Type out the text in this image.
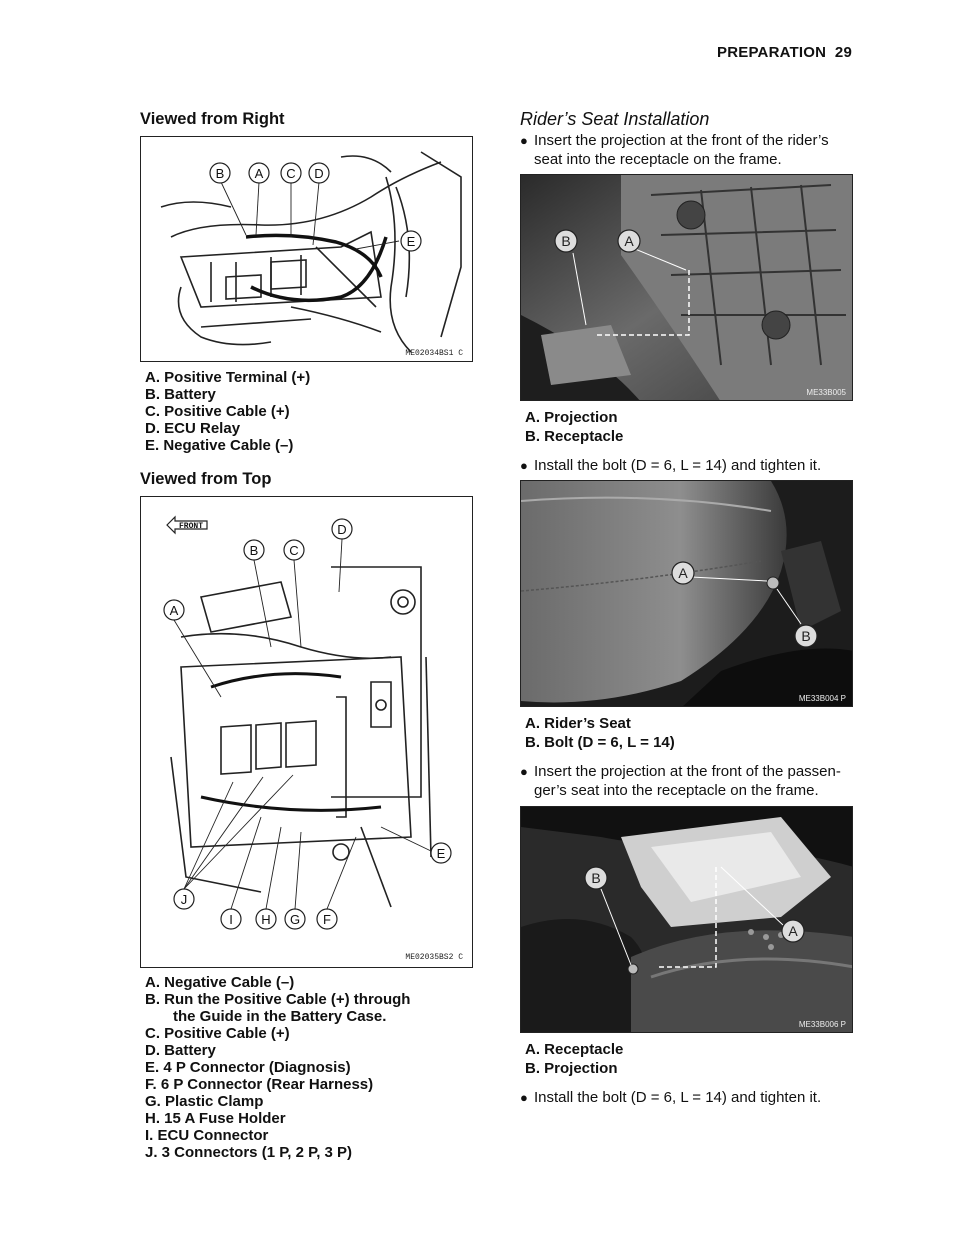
PREPARATION 29
Viewed from Right
B A C D
E
ME02034BS1 C
A. Positive Terminal (+)
B. Battery
C. Positive Cable (+)
D. ECU Relay
E. Negative Cable (–)
Viewed from Top
FRONT
A
B C
D
E
F
G
H
I
J
ME02035BS2 C
A. Negative Cable (–)
B. Run the Positive Cable (+) through
the Guide in the Battery Case.
C. Positive Cable (+)
D. Battery
E. 4 P Connector (Diagnosis)
F. 6 P Connector (Rear Harness)
G. Plastic Clamp
H. 15 A Fuse Holder
I. ECU Connector
J. 3 Connectors (1 P, 2 P, 3 P)
Rider’s Seat Installation
● Insert the projection at the front of the rider’s
seat into the receptacle on the frame.
B	A
ME33B005
A. Projection
B. Receptacle
● Install the bolt (D = 6, L = 14) and tighten it.
A
B
ME33B004 P
A. Rider’s Seat
B. Bolt (D = 6, L = 14)
● Insert the projection at the front of the passen-
ger’s seat into the receptacle on the frame.
B
A
ME33B006 P
A. Receptacle
B. Projection
● Install the bolt (D = 6, L = 14) and tighten it.
